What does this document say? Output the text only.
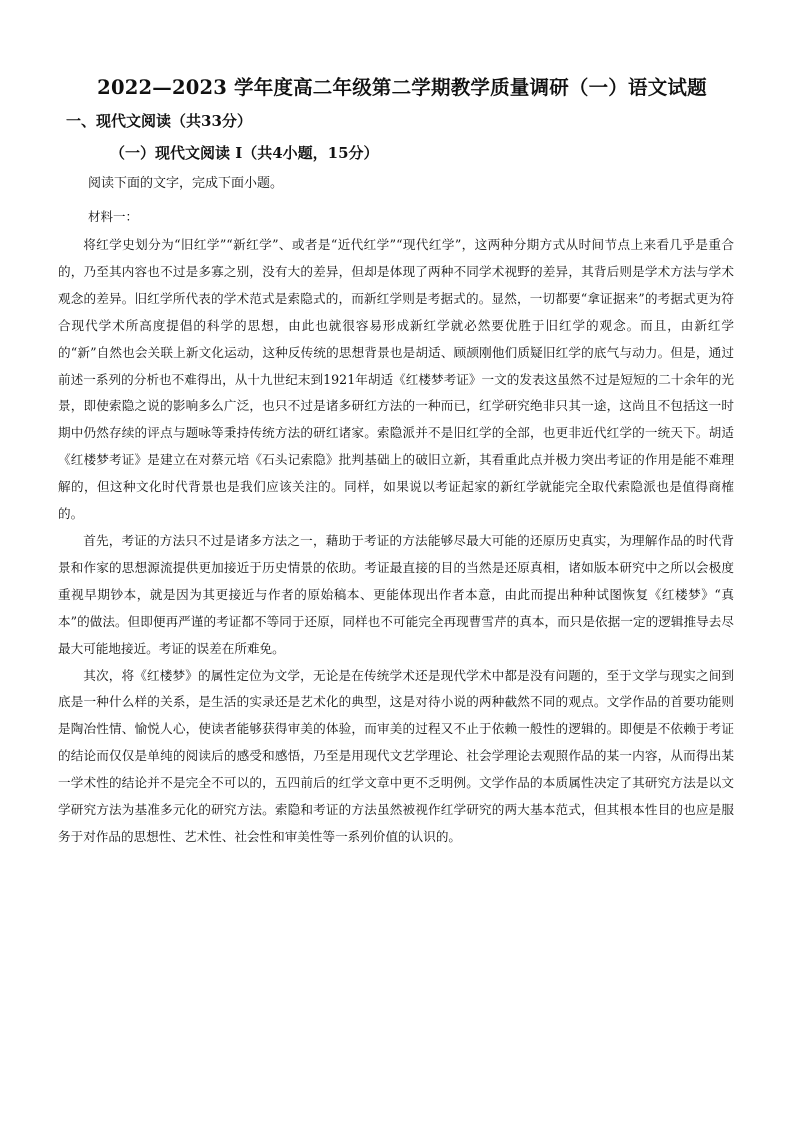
2022—2023 学年度高二年级第二学期教学质量调研（一）语文试题
一、现代文阅读（共33分）
（一）现代文阅读 I（共4小题，15分）
阅读下面的文字，完成下面小题。
材料一：

将红学史划分为“旧红学”“新红学”、或者是“近代红学”“现代红学”，这两种分期方式从时间节点上来看几乎是重合的，乃至其内容也不过是多寡之别，没有大的差异，但却是体现了两种不同学术视野的差异，其背后则是学术方法与学术观念的差异。旧红学所代表的学术范式是索隐式的，而新红学则是考据式的。显然，一切都要“拿证据来”的考据式更为符合现代学术所高度提倡的科学的思想，由此也就很容易形成新红学就必然要优胜于旧红学的观念。而且，由新红学的“新”自然也会关联上新文化运动，这种反传统的思想背景也是胡适、顾颉刚他们质疑旧红学的底气与动力。但是，通过前述一系列的分析也不难得出，从十九世纪末到1921年胡适《红楼梦考证》一文的发表这虽然不过是短短的二十余年的光景，即使索隐之说的影响多么广泛，也只不过是诸多研红方法的一种而已，红学研究绝非只其一途，这尚且不包括这一时期中仍然存续的评点与题咏等秉持传统方法的研红诸家。索隐派并不是旧红学的全部，也更非近代红学的一统天下。胡适《红楼梦考证》是建立在对蔡元培《石头记索隐》批判基础上的破旧立新，其看重此点并极力突出考证的作用是能不难理解的，但这种文化时代背景也是我们应该关注的。同样，如果说以考证起家的新红学就能完全取代索隐派也是值得商榷的。

首先，考证的方法只不过是诸多方法之一，藉助于考证的方法能够尽最大可能的还原历史真实，为理解作品的时代背景和作家的思想源流提供更加接近于历史情景的依助。考证最直接的目的当然是还原真相，诸如版本研究中之所以会极度重视早期钞本，就是因为其更接近与作者的原始稿本、更能体现出作者本意，由此而提出种种试图恢复《红楼梦》“真本”的做法。但即便再严谨的考证都不等同于还原，同样也不可能完全再现曹雪芹的真本，而只是依据一定的逻辑推导去尽最大可能地接近。考证的误差在所难免。

其次，将《红楼梦》的属性定位为文学，无论是在传统学术还是现代学术中都是没有问题的，至于文学与现实之间到底是一种什么样的关系，是生活的实录还是艺术化的典型，这是对待小说的两种截然不同的观点。文学作品的首要功能则是陶冶性情、愉悦人心，使读者能够获得审美的体验，而审美的过程又不止于依赖一般性的逻辑的。即便是不依赖于考证的结论而仅仅是单纯的阅读后的感受和感悟，乃至是用现代文艺学理论、社会学理论去观照作品的某一内容，从而得出某一学术性的结论并不是完全不可以的，五四前后的红学文章中更不乏明例。文学作品的本质属性决定了其研究方法是以文学研究方法为基准多元化的研究方法。索隐和考证的方法虽然被视作红学研究的两大基本范式，但其根本性目的也应是服务于对作品的思想性、艺术性、社会性和审美性等一系列价值的认识的。
